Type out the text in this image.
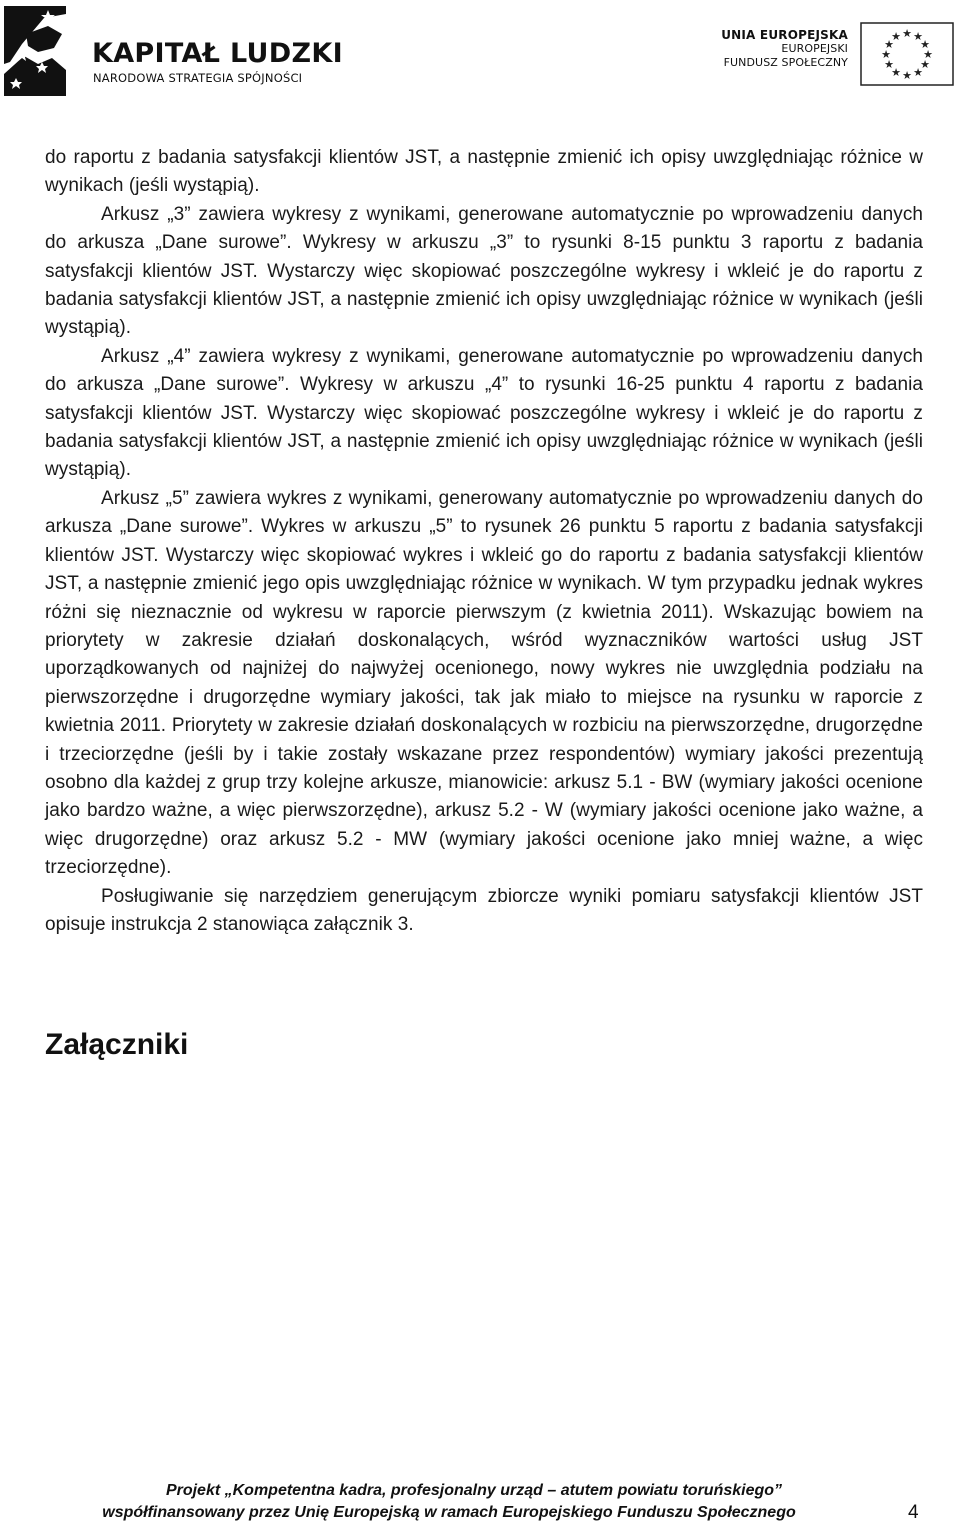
KAPITAŁ LUDZKI
NARODOWA STRATEGIA SPÓJNOŚCI
UNIA EUROPEJSKA
EUROPEJSKI
FUNDUSZ SPOŁECZNY
★ ★
★
★
★
★
★
★
★
★
★
★

do raportu z badania satysfakcji klientów JST, a następnie zmienić ich opisy uwzględniając różnice w wynikach (jeśli wystąpią).

Arkusz „3” zawiera wykresy z wynikami, generowane automatycznie po wprowadzeniu danych do arkusza „Dane surowe”. Wykresy w arkuszu „3” to rysunki 8-15 punktu 3 raportu z badania satysfakcji klientów JST. Wystarczy więc skopiować poszczególne wykresy i wkleić je do raportu z badania satysfakcji klientów JST, a następnie zmienić ich opisy uwzględniając różnice w wynikach (jeśli wystąpią).

Arkusz „4” zawiera wykresy z wynikami, generowane automatycznie po wprowadzeniu danych do arkusza „Dane surowe”. Wykresy w arkuszu „4” to rysunki 16-25 punktu 4 raportu z badania satysfakcji klientów JST. Wystarczy więc skopiować poszczególne wykresy i wkleić je do raportu z badania satysfakcji klientów JST, a następnie zmienić ich opisy uwzględniając różnice w wynikach (jeśli wystąpią).

Arkusz „5” zawiera wykres z wynikami, generowany automatycznie po wprowadzeniu danych do arkusza „Dane surowe”. Wykres w arkuszu „5” to rysunek 26 punktu 5 raportu z badania satysfakcji klientów JST. Wystarczy więc skopiować wykres i wkleić go do raportu z badania satysfakcji klientów JST, a następnie zmienić jego opis uwzględniając różnice w wynikach. W tym przypadku jednak wykres różni się nieznacznie od wykresu w raporcie pierwszym (z kwietnia 2011). Wskazując bowiem na priorytety w zakresie działań doskonalących, wśród wyznaczników wartości usług JST uporządkowanych od najniżej do najwyżej ocenionego, nowy wykres nie uwzględnia podziału na pierwszorzędne i drugorzędne wymiary jakości, tak jak miało to miejsce na rysunku w raporcie z kwietnia 2011. Priorytety w zakresie działań doskonalących w rozbiciu na pierwszorzędne, drugorzędne i trzeciorzędne (jeśli by i takie zostały wskazane przez respondentów) wymiary jakości prezentują osobno dla każdej z grup trzy kolejne arkusze, mianowicie: arkusz 5.1 - BW (wymiary jakości ocenione jako bardzo ważne, a więc pierwszorzędne), arkusz 5.2 - W (wymiary jakości ocenione jako ważne, a więc drugorzędne) oraz arkusz 5.2 - MW (wymiary jakości ocenione jako mniej ważne, a więc trzeciorzędne).

Posługiwanie się narzędziem generującym zbiorcze wyniki pomiaru satysfakcji klientów JST opisuje instrukcja 2 stanowiąca załącznik 3.

Załączniki
Projekt „Kompetentna kadra, profesjonalny urząd – atutem powiatu toruńskiego”
współfinansowany przez Unię Europejską w ramach Europejskiego Funduszu Społecznego	4
